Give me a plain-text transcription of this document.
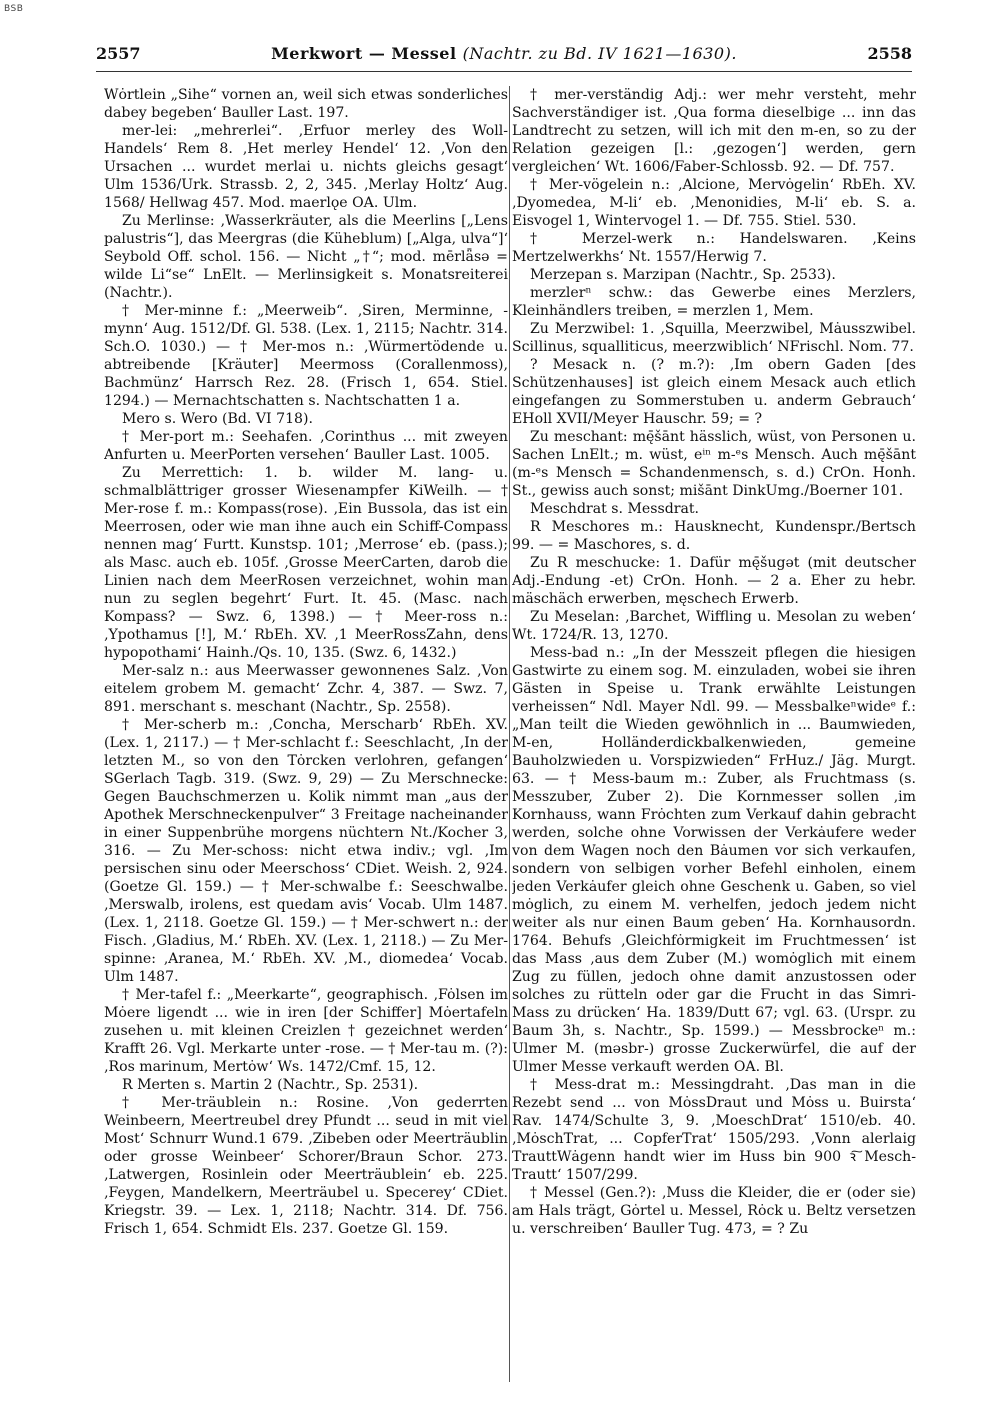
BSB
2557	Merkwort — Messel (Nachtr. zu Bd. IV 1621—1630).	2558

Wȯrtlein „Sihe“ vornen an, weil sich etwas sonderliches dabey begeben‘ Bauller Last. 197.

mer-lei: „mehrerlei“. ‚Erfuor merley des Woll-Handels‘ Rem 8. ‚Het merley Hendel‘ 12. ‚Von den Ursachen ... wurdet merlai u. nichts gleichs gesagt‘ Ulm 1536/Urk. Strassb. 2, 2, 345. ‚Merlay Holtz‘ Aug. 1568/ Hellwag 457. Mod. maerlǫe OA. Ulm.

Zu Merlinse: ‚Wasserkräuter, als die Meerlins [„Lens palustris“], das Meergras (die Küheblum) [„Alga, ulva“]‘ Seybold Off. schol. 156. — Nicht „†“; mod. mērlǟsə = wilde Li“se“ LnElt. — Merlinsigkeit s. Monatsreiterei (Nachtr.).

† Mer-minne f.: „Meerweib“. ‚Siren, Merminne, -mynn‘ Aug. 1512/Df. Gl. 538. (Lex. 1, 2115; Nachtr. 314. Sch.O. 1030.) — † Mer-mos n.: ‚Würmertödende u. abtreibende [Kräuter] Meermoss (Corallenmoss), Bachmünz‘ Harrsch Rez. 28. (Frisch 1, 654. Stiel. 1294.) — Mernachtschatten s. Nachtschatten 1 a.

Mero s. Wero (Bd. VI 718).

† Mer-port m.: Seehafen. ‚Corinthus ... mit zweyen Anfurten u. MeerPorten versehen‘ Bauller Last. 1005.

Zu Merrettich: 1. b. wilder M. lang- u. schmalblättriger grosser Wiesenampfer KiWeilh. — † Mer-rose f. m.: Kompass(rose). ‚Ein Bussola, das ist ein Meerrosen, oder wie man ihne auch ein Schiff-Compass nennen mag‘ Furtt. Kunstsp. 101; ‚Merrose‘ eb. (pass.); als Masc. auch eb. 105f. ‚Grosse MeerCarten, darob die Linien nach dem MeerRosen verzeichnet, wohin man nun zu seglen begehrt‘ Furt. It. 45. (Masc. nach Kompass? — Swz. 6, 1398.) — † Meer-ross n.: ‚Ypothamus [!], M.‘ RbEh. XV. ‚1 MeerRossZahn, dens hypopothami‘ Hainh./Qs. 10, 135. (Swz. 6, 1432.)

Mer-salz n.: aus Meerwasser gewonnenes Salz. ‚Von eitelem grobem M. gemacht‘ Zchr. 4, 387. — Swz. 7, 891. merschant s. meschant (Nachtr., Sp. 2558).

† Mer-scherb m.: ‚Concha, Merscharb‘ RbEh. XV. (Lex. 1, 2117.) — † Mer-schlacht f.: Seeschlacht, ‚In der letzten M., so von den Tȯrcken verlohren, gefangen‘ SGerlach Tagb. 319. (Swz. 9, 29) — Zu Merschnecke: Gegen Bauchschmerzen u. Kolik nimmt man „aus der Apothek Merschneckenpulver“ 3 Freitage nacheinander in einer Suppenbrühe morgens nüchtern Nt./Kocher 3, 316. — Zu Mer-schoss: nicht etwa indiv.; vgl. ‚Im persischen sinu oder Meerschoss‘ CDiet. Weish. 2, 924. (Goetze Gl. 159.) — † Mer-schwalbe f.: Seeschwalbe. ‚Merswalb, irolens, est quedam avis‘ Vocab. Ulm 1487. (Lex. 1, 2118. Goetze Gl. 159.) — † Mer-schwert n.: der Fisch. ‚Gladius, M.‘ RbEh. XV. (Lex. 1, 2118.) — Zu Mer-spinne: ‚Aranea, M.‘ RbEh. XV. ‚M., diomedea‘ Vocab. Ulm 1487.

† Mer-tafel f.: „Meerkarte“, geographisch. ‚Fȯlsen im Mȯere ligendt ... wie in iren [der Schiffer] Mȯertafeln zusehen u. mit kleinen Creizlen † gezeichnet werden‘ Krafft 26. Vgl. Merkarte unter -rose. — † Mer-tau m. (?): ‚Ros marinum, Mertȯw‘ Ws. 1472/Cmf. 15, 12.

R Merten s. Martin 2 (Nachtr., Sp. 2531).

† Mer-träublein n.: Rosine. ‚Von gederrten Weinbeern, Meertreubel drey Pfundt ... seud in mit viel Most‘ Schnurr Wund.1 679. ‚Zibeben oder Meerträublin oder grosse Weinbeer‘ Schorer/Braun Schor. 273. ‚Latwergen, Rosinlein oder Meerträublein‘ eb. 225. ‚Feygen, Mandelkern, Meerträubel u. Specerey‘ CDiet. Kriegstr. 39. — Lex. 1, 2118; Nachtr. 314. Df. 756. Frisch 1, 654. Schmidt Els. 237. Goetze Gl. 159.

† mer-verständig Adj.: wer mehr versteht, mehr Sachverständiger ist. ‚Qua forma dieselbige ... inn das Landtrecht zu setzen, will ich mit den m-en, so zu der Relation gezeigen [l.: ‚gezogen‘] werden, gern vergleichen‘ Wt. 1606/Faber-Schlossb. 92. — Df. 757.

† Mer-vögelein n.: ‚Alcione, Mervȯgelin‘ RbEh. XV. ‚Dyomedea, M-li‘ eb. ‚Menonidies, M-li‘ eb. S. a. Eisvogel 1, Wintervogel 1. — Df. 755. Stiel. 530.

† Merzel-werk n.: Handelswaren. ‚Keins Mertzelwerkhs‘ Nt. 1557/Herwig 7.

Merzepan s. Marzipan (Nachtr., Sp. 2533).

merzlerⁿ schw.: das Gewerbe eines Merzlers, Kleinhändlers treiben, = merzlen 1, Mem.

Zu Merzwibel: 1. ‚Squilla, Meerzwibel, Mȧusszwibel. Scillinus, squalliticus, meerzwiblich‘ NFrischl. Nom. 77.

? Mesack n. (? m.?): ‚Im obern Gaden [des Schützenhauses] ist gleich einem Mesack auch etlich eingefangen zu Sommerstuben u. anderm Gebrauch‘ EHoll XVII/Meyer Hauschr. 59; = ?

Zu meschant: mę̄šānt hässlich, wüst, von Personen u. Sachen LnElt.; m. wüst, eⁱⁿ m-ᵉs Mensch. Auch mę̄šānt (m-ᵉs Mensch = Schandenmensch, s. d.) CrOn. Honh. St., gewiss auch sonst; mišānt DinkUmg./Boerner 101.

Meschdrat s. Messdrat.

R Meschores m.: Hausknecht, Kundenspr./Bertsch 99. — = Maschores, s. d.

Zu R meschucke: 1. Dafür mę̄šugət (mit deutscher Adj.-Endung -et) CrOn. Honh. — 2 a. Eher zu hebr. mäschäch erwerben, męschech Erwerb.

Zu Mesel‌an: ‚Barchet, Wiffling u. Mesolan zu weben‘ Wt. 1724/R. 13, 1270.

Mess-bad n.: „In der Messzeit pflegen die hiesigen Gastwirte zu einem sog. M. einzuladen, wobei sie ihren Gästen in Speise u. Trank erwählte Leistungen verheissen“ Ndl. Mayer Ndl. 99. — Messbalkeⁿwideᵉ f.: „Man teilt die Wieden gewöhnlich in ... Baumwieden, M-en, Holländerdickbalkenwieden, gemeine Bauholzwieden u. Vorspizwieden“ FrHuz./ Jäg. Murgt. 63. — † Mess-baum m.: Zuber, als Fruchtmass (s. Messzuber, Zuber 2). Die Kornmesser sollen ‚im Kornhauss, wann Frȯchten zum Verkauf dahin gebracht werden, solche ohne Vorwissen der Verkȧufere weder von dem Wagen noch den Bȧumen vor sich verkaufen, sondern von selbigen vorher Befehl einholen, einem jeden Verkȧufer gleich ohne Geschenk u. Gaben, so viel mȯglich, zu einem M. verhelfen, jedoch jedem nicht weiter als nur einen Baum geben‘ Ha. Kornhausordn. 1764. Behufs ‚Gleichfȯrmigkeit im Fruchtmessen‘ ist das Mass ‚aus dem Zuber (M.) womȯglich mit einem Zug zu füllen, jedoch ohne damit anzustossen oder solches zu rütteln oder gar die Frucht in das Simri-Mass zu drücken‘ Ha. 1839/Dutt 67; vgl. 63. (Urspr. zu Baum 3h, s. Nachtr., Sp. 1599.) — Messbrockeⁿ m.: Ulmer M. (məsbr-) grosse Zuckerwürfel, die auf der Ulmer Messe verkauft werden OA. Bl.

† Mess-drat m.: Messingdraht. ‚Das man in die Rezebt send ... von MȯssDraut und Mȯss u. Buirsta‘ Rav. 1474/Schulte 3, 9. ‚MoeschDrat‘ 1510/eb. 40. ‚MȯschTrat, ... CopferTrat‘ 1505/293. ‚Vonn alerlaig TrauttWȧgenn handt wier im Huss bin 900 ꝛ͠ Mesch-Trautt‘ 1507/299.

† Messel (Gen.?): ‚Muss die Kleider, die er (oder sie) am Hals trägt, Gȯrtel u. Messel, Rȯck u. Beltz versetzen u. verschreiben‘ Bauller Tug. 473, = ? Zu
